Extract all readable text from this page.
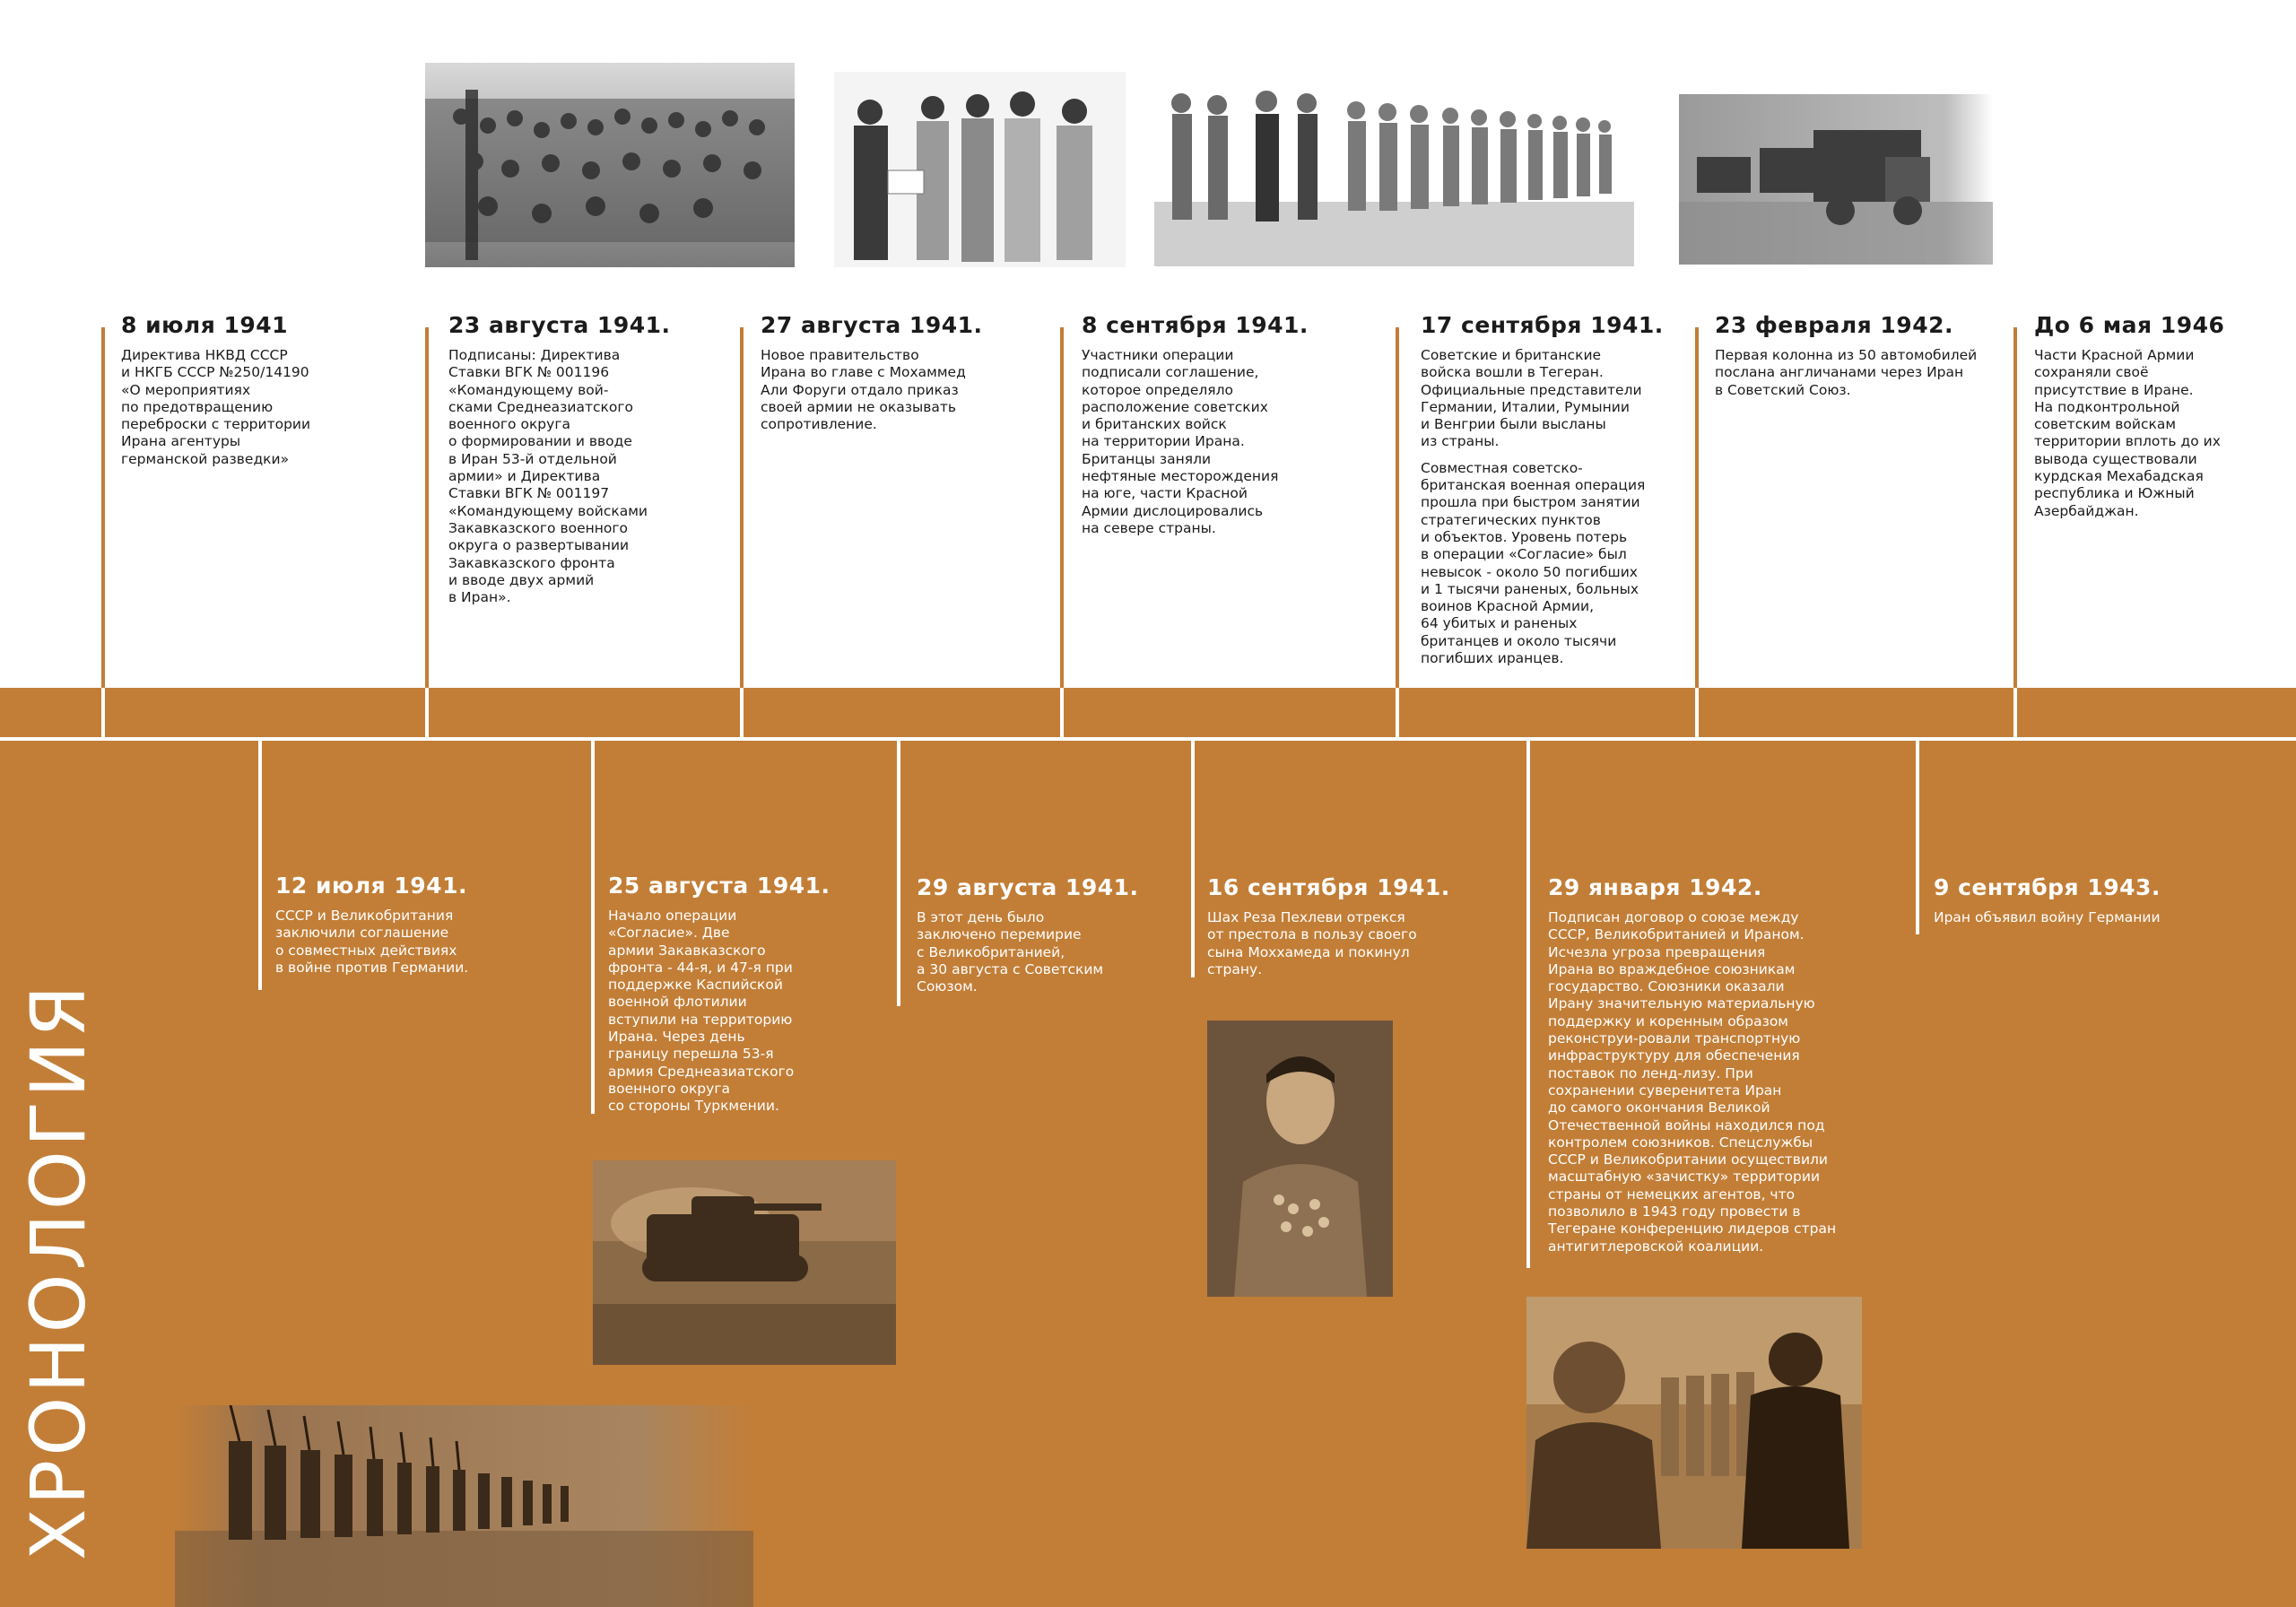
8 июля 1941
Директива НКВД СССР
и НКГБ СССР №250/14190
«О мероприятиях
по предотвращению
переброски с территории
Ирана агентуры
германской разведки»
23 августа 1941.
Подписаны: Директива
Ставки ВГК № 001196
«Командующему вой-
сками Среднеазиатского
военного округа
о формировании и вводе
в Иран 53-й отдельной
армии» и Директива
Ставки ВГК № 001197
«Командующему войсками
Закавказского военного
округа о развертывании
Закавказского фронта
и вводе двух армий
в Иран».
27 августа 1941.
Новое правительство
Ирана во главе с Мохаммед
Али Форуги отдало приказ
своей армии не оказывать
сопротивление.
8 сентября 1941.
Участники операции
подписали соглашение,
которое определяло
расположение советских
и британских войск
на территории Ирана.
Британцы заняли
нефтяные месторождения
на юге, части Красной
Армии дислоцировались
на севере страны.
17 сентября 1941.
Советские и британские
войска вошли в Тегеран.
Официальные представители
Германии, Италии, Румынии
и Венгрии были высланы
из страны.
Совместная советско-
британская военная операция
прошла при быстром занятии
стратегических пунктов
и объектов. Уровень потерь
в операции «Согласие» был
невысок - около 50 погибших
и 1 тысячи раненых, больных
воинов Красной Армии,
64 убитых и раненых
британцев и около тысячи
погибших иранцев.
23 февраля 1942.
Первая колонна из 50 автомобилей
послана англичанами через Иран
в Советский Союз.
До 6 мая 1946
Части Красной Армии
сохраняли своё
присутствие в Иране.
На подконтрольной
советским войскам
территории вплоть до их
вывода существовали
курдская Мехабадская
республика и Южный
Азербайджан.
12 июля 1941.
СССР и Великобритания
заключили соглашение
о совместных действиях
в войне против Германии.
25 августа 1941.
Начало операции
«Согласие». Две
армии Закавказского
фронта - 44-я, и 47-я при
поддержке Каспийской
военной флотилии
вступили на территорию
Ирана. Через день
границу перешла 53-я
армия Среднеазиатского
военного округа
со стороны Туркмении.
29 августа 1941.
В этот день было
заключено перемирие
с Великобританией,
а 30 августа с Советским
Союзом.
16 сентября 1941.
Шах Реза Пехлеви отрекся
от престола в пользу своего
сына Моххамеда и покинул
страну.
29 января 1942.
Подписан договор о союзе между
СССР, Великобританией и Ираном.
Исчезла угроза превращения
Ирана во враждебное союзникам
государство. Союзники оказали
Ирану значительную материальную
поддержку и коренным образом
реконструи-ровали транспортную
инфраструктуру для обеспечения
поставок по ленд-лизу. При
сохранении суверенитета Иран
до самого окончания Великой
Отечественной войны находился под
контролем союзников. Спецслужбы
СССР и Великобритании осуществили
масштабную «зачистку» территории
страны от немецких агентов, что
позволило в 1943 году провести в
Тегеране конференцию лидеров стран
антигитлеровской коалиции.
9 сентября 1943.
Иран объявил войну Германии
ХРОНОЛОГИЯ
